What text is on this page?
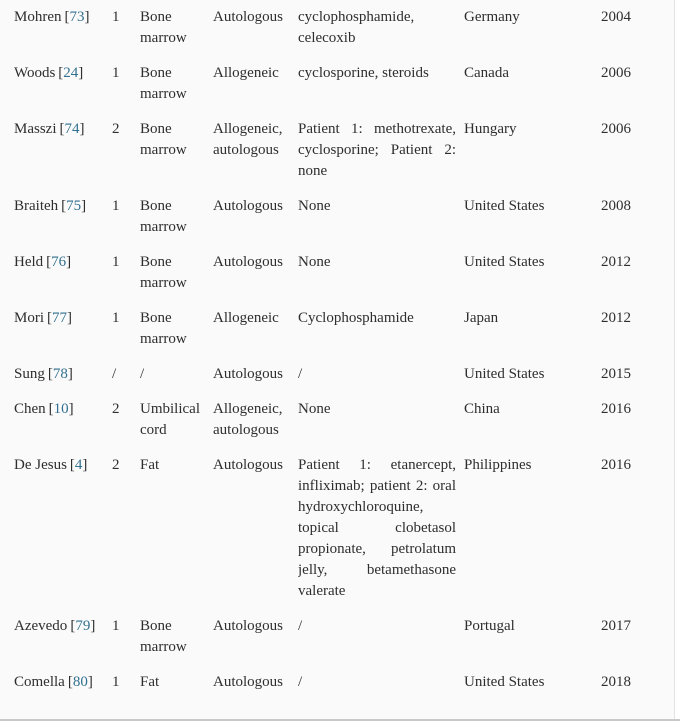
Mohren [ 73 ]	1	Bone marrow	Autologous	cyclophosphamide, celecoxib	Germany	2004
Woods [ 24 ]	1	Bone marrow	Allogeneic	cyclosporine, steroids	Canada	2006
Masszi [ 74 ]	2	Bone marrow	Allogeneic, autologous	Patient 1: methotrexate, cyclosporine; Patient 2: none	Hungary	2006
Braiteh [ 75 ]	1	Bone marrow	Autologous	None	United States	2008
Held [ 76 ]	1	Bone marrow	Autologous	None	United States	2012
Mori [ 77 ]	1	Bone marrow	Allogeneic	Cyclophosphamide	Japan	2012
Sung [ 78 ]	/	/	Autologous	/	United States	2015
Chen [ 10 ]	2	Umbilical cord	Allogeneic, autologous	None	China	2016
De Jesus [ 4 ]	2	Fat	Autologous	Patient 1: etanercept, infliximab; patient 2: oral hydroxychloroquine, topical clobetasol propionate, petrolatum jelly, betamethasone valerate	Philippines	2016
Azevedo [ 79 ]	1	Bone marrow	Autologous	/	Portugal	2017
Comella [ 80 ]	1	Fat	Autologous	/	United States	2018
